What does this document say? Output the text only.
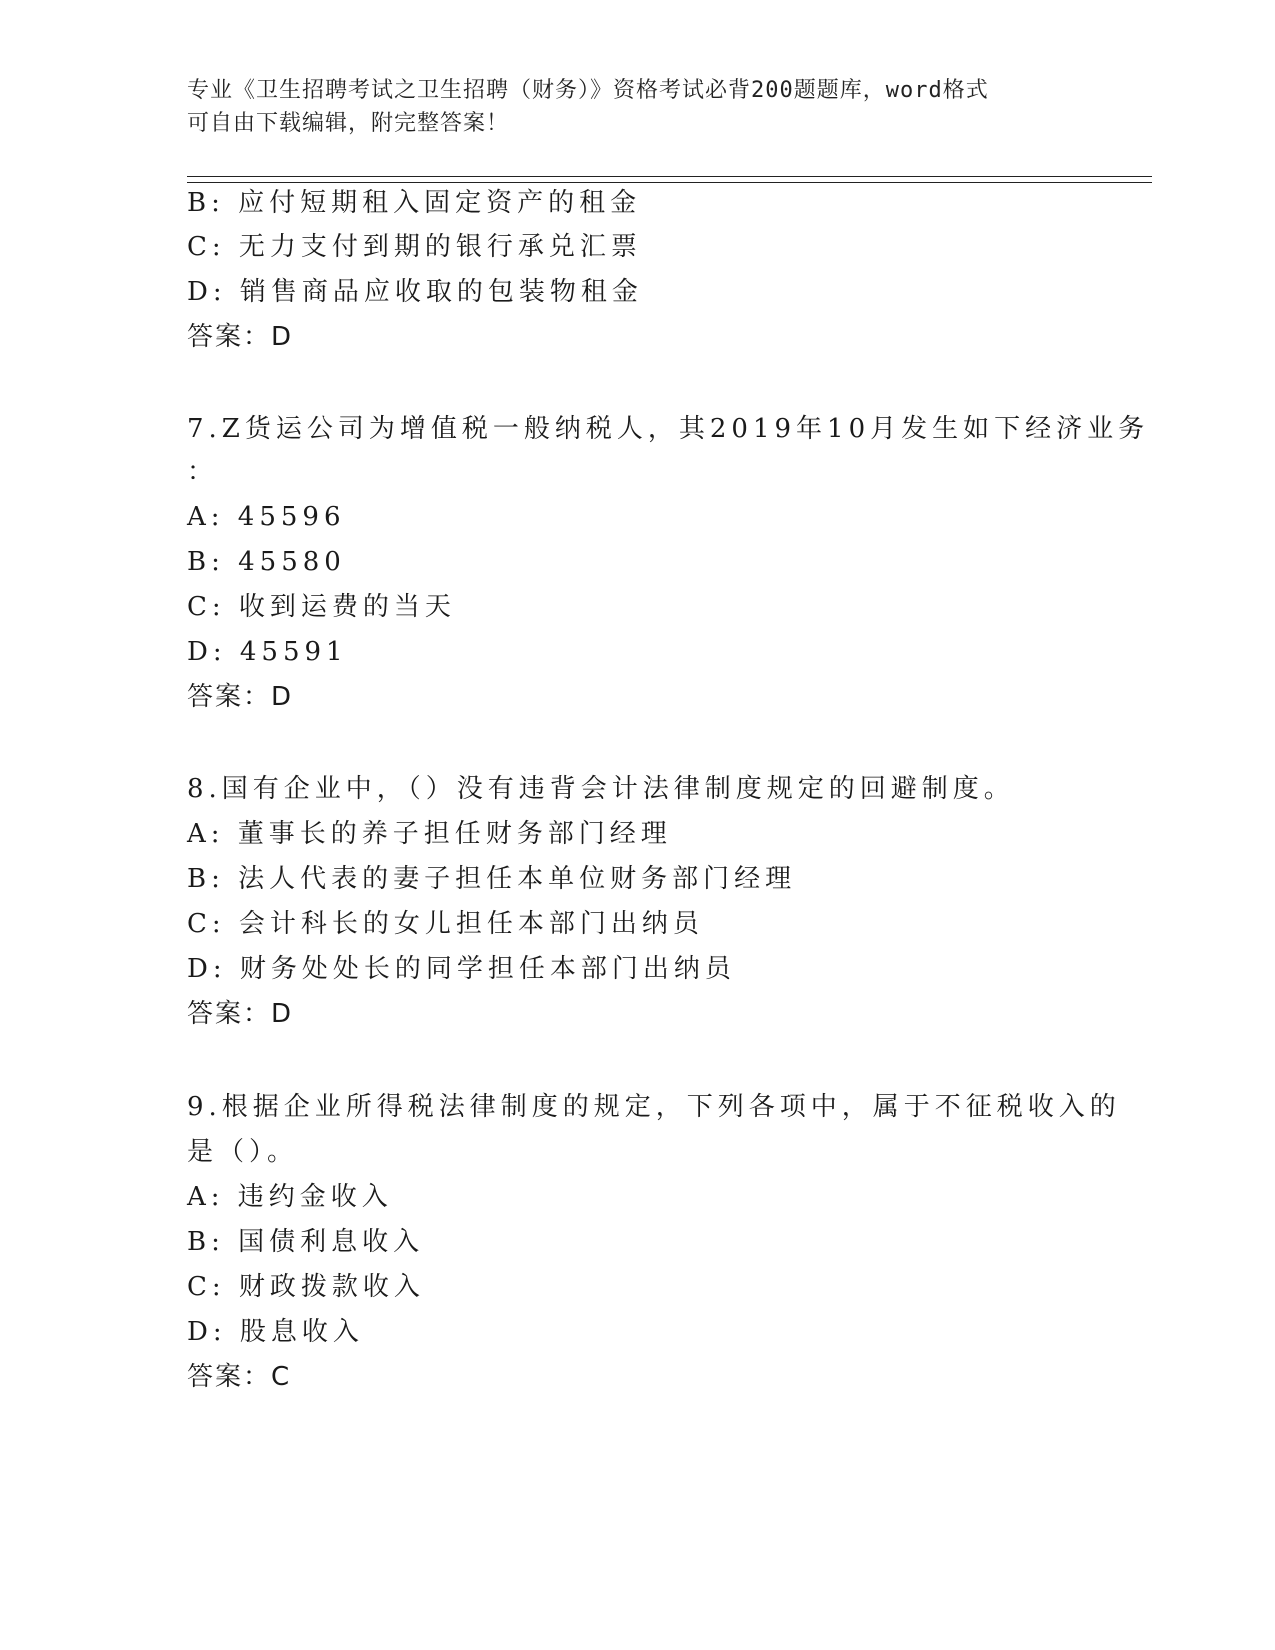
专业《卫生招聘考试之卫生招聘（财务）》资格考试必背200题题库，word格式
可自由下载编辑，附完整答案！
B: 应付短期租入固定资产的租金
C: 无力支付到期的银行承兑汇票
D: 销售商品应收取的包装物租金
答案：D
7.Z货运公司为增值税一般纳税人，其2019年10月发生如下经济业务
：
A: 45596
B: 45580
C: 收到运费的当天
D: 45591
答案：D
8.国有企业中，（）没有违背会计法律制度规定的回避制度。
A: 董事长的养子担任财务部门经理
B: 法人代表的妻子担任本单位财务部门经理
C: 会计科长的女儿担任本部门出纳员
D: 财务处处长的同学担任本部门出纳员
答案：D
9.根据企业所得税法律制度的规定，下列各项中，属于不征税收入的
是（）。
A: 违约金收入
B: 国债利息收入
C: 财政拨款收入
D: 股息收入
答案：C
